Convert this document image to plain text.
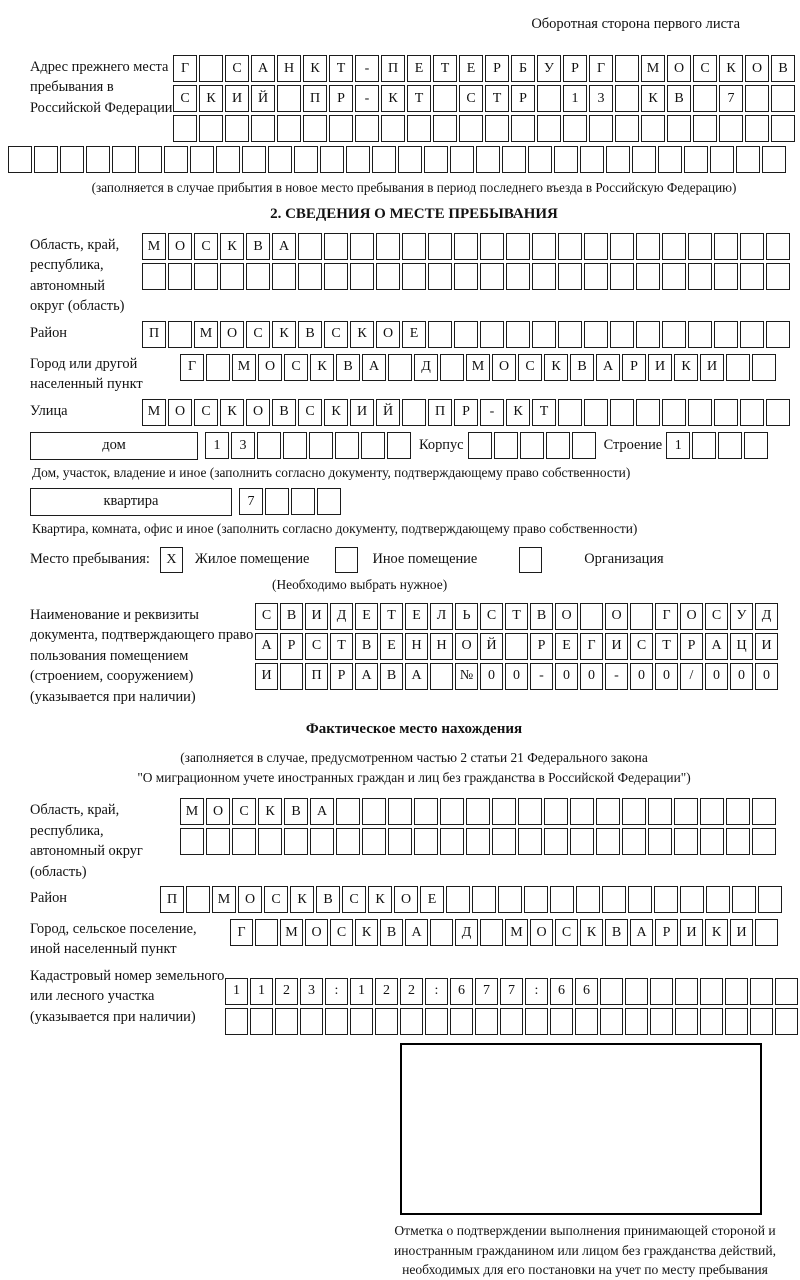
Оборотная сторона первого листа
Адрес прежнего места пребывания в Российской Федерации
Г	С	А	Н	К	Т	-	П	Е	Т	Е	Р	Б	У	Р	Г	М	О	С	К	О	В
С	К	И	Й	П	Р	-	К	Т	С	Т	Р	1	3	К	В	7
(заполняется в случае прибытия в новое место пребывания в период последнего въезда в Российскую Федерацию)
2. СВЕДЕНИЯ О МЕСТЕ ПРЕБЫВАНИЯ
Область, край, республика, автономный округ (область)
М	О	С	К	В	А
Район	П	М	О	С	К	В	С	К	О	Е
Город или другой населенный пункт
Г	М	О	С	К	В	А	Д	М	О	С	К	В	А	Р	И	К	И
Улица	М	О	С	К	О	В	С	К	И	Й	П	Р	-	К	Т
дом	1	3	Корпус	Строение 1
Дом, участок, владение и иное (заполнить согласно документу, подтверждающему право собственности)
квартира	7
Квартира, комната, офис и иное (заполнить согласно документу, подтверждающему право собственности)
Место пребывания:	X	Жилое помещение	Иное помещение	Организация
(Необходимо выбрать нужное)
Наименование и реквизиты документа, подтверждающего право пользования помещением (строением, сооружением) (указывается при наличии)
С	В	И	Д	Е	Т	Е	Л	Ь	С	Т	В	О	О	Г	О	С	У	Д
А	Р	С	Т	В	Е	Н	Н	О	Й	Р	Е	Г	И	С	Т	Р	А	Ц	И
И	П	Р	А	В	А	№	0	0	-	0	0	-	0	0	/	0	0	0
Фактическое место нахождения
(заполняется в случае, предусмотренном частью 2 статьи 21 Федерального закона
"О миграционном учете иностранных граждан и лиц без гражданства в Российской Федерации")
Область, край, республика, автономный округ (область)
М	О	С	К	В	А
Район	П	М	О	С	К	В	С	К	О	Е
Город, сельское поселение, иной населенный пункт
Г	М О	С	К	В	А	Д	М О	С	К	В	А	Р	И	К	И
Кадастровый номер земельного или лесного участка (указывается при наличии)
1	1	2	3	:	1	2	2	:	6	7	7	:	6	6
Отметка о подтверждении выполнения принимающей стороной и иностранным гражданином или лицом без гражданства действий, необходимых для его постановки на учет по месту пребывания
